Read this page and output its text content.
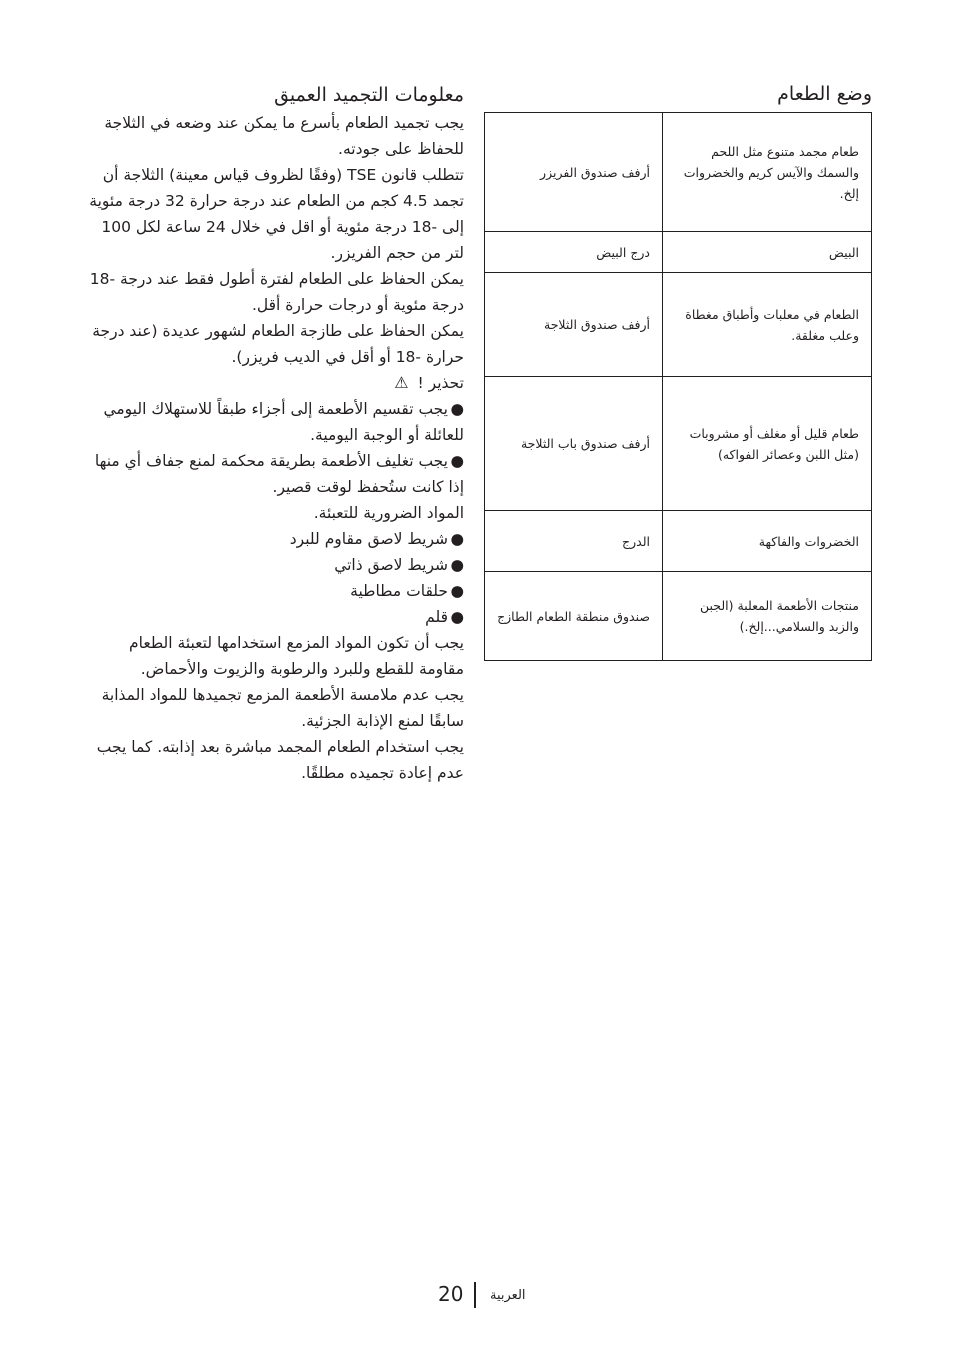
وضع الطعام
طعام مجمد متنوع مثل اللحم والسمك والآيس كريم والخضروات إلخ.	أرفف صندوق الفريزر
البيض	درج البيض
الطعام في معلبات وأطباق مغطاة وعلب مغلقة.	أرفف صندوق الثلاجة
طعام قليل أو مغلف أو مشروبات (مثل اللبن وعصائر الفواكه)	أرفف صندوق باب الثلاجة
الخضروات والفاكهة	الدرج
منتجات الأطعمة المعلبة (الجبن والزبد والسلامي...إلخ.)	صندوق منطقة الطعام الطازج
معلومات التجميد العميق

يجب تجميد الطعام بأسرع ما يمكن عند وضعه في الثلاجة للحفاظ على جودته.

تتطلب قانون TSE (وفقًا لظروف قياس معينة) الثلاجة أن تجمد 4.5 كجم من الطعام عند درجة حرارة 32 درجة مئوية إلى -18 درجة مئوية أو اقل في خلال 24 ساعة لكل 100 لتر من حجم الفريزر.

يمكن الحفاظ على الطعام لفترة أطول فقط عند درجة -18 درجة مئوية أو درجات حرارة أقل.

يمكن الحفاظ على طازجة الطعام لشهور عديدة (عند درجة حرارة -18 أو أقل في الديب فريزر).

تحذير ! ⚠

●يجب تقسيم الأطعمة إلى أجزاء طبقاً للاستهلاك اليومي للعائلة أو الوجبة اليومية.

●يجب تغليف الأطعمة بطريقة محكمة لمنع جفاف أي منها إذا كانت ستُحفظ لوقت قصير.

المواد الضرورية للتعبئة.

●شريط لاصق مقاوم للبرد

●شريط لاصق ذاتي

●حلقات مطاطية

●قلم

يجب أن تكون المواد المزمع استخدامها لتعبئة الطعام مقاومة للقطع وللبرد والرطوبة والزيوت والأحماض.

يجب عدم ملامسة الأطعمة المزمع تجميدها للمواد المذابة سابقًا لمنع الإذابة الجزئية.

يجب استخدام الطعام المجمد مباشرة بعد إذابته. كما يجب عدم إعادة تجميده مطلقًا.

20 العربية
